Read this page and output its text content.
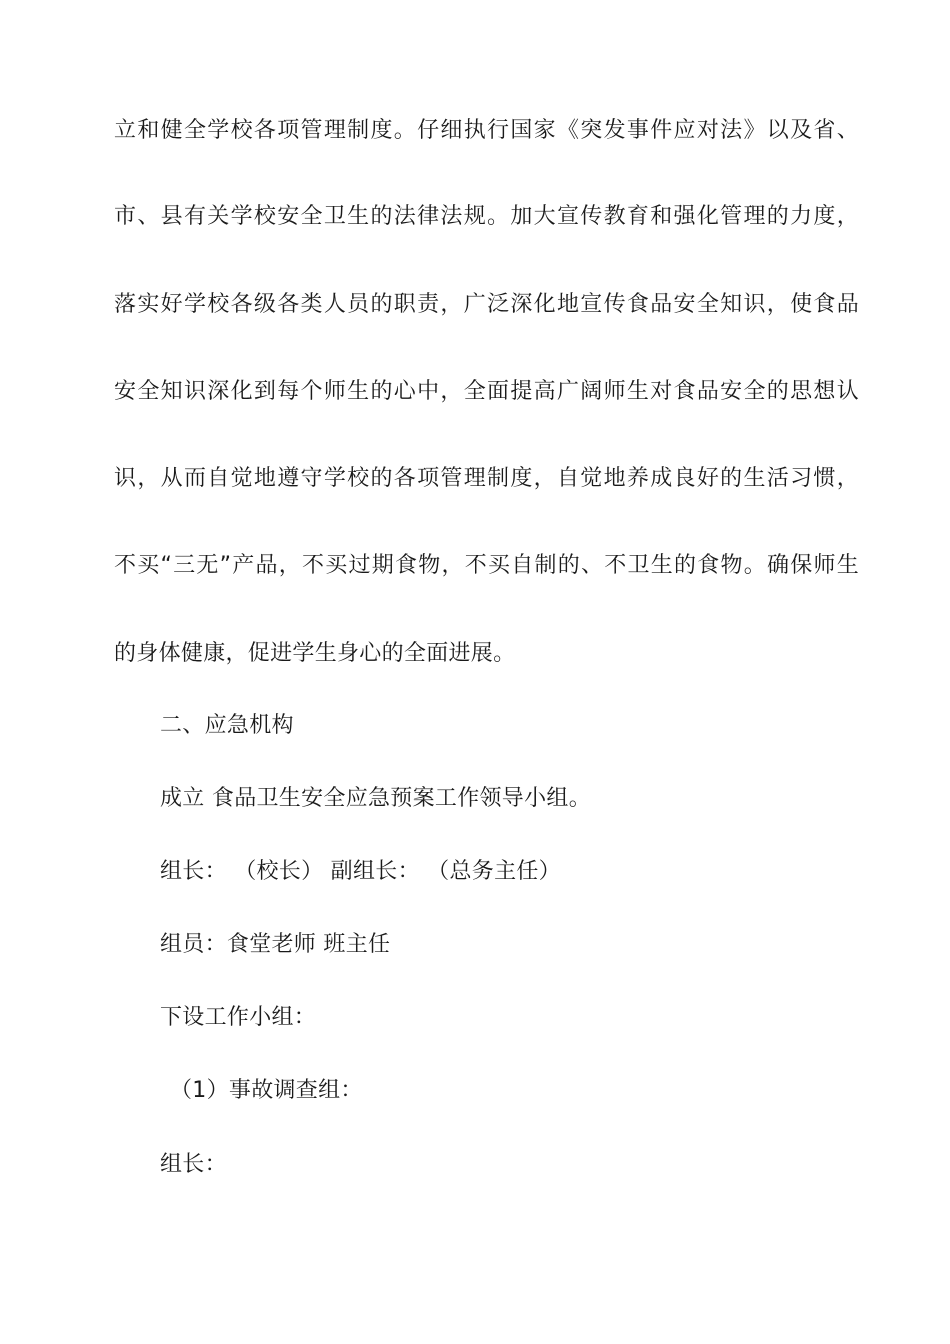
立和健全学校各项管理制度。仔细执行国家《突发事件应对法》以及省、
市、县有关学校安全卫生的法律法规。加大宣传教育和强化管理的力度，
落实好学校各级各类人员的职责，广泛深化地宣传食品安全知识，使食品
安全知识深化到每个师生的心中，全面提高广阔师生对食品安全的思想认
识，从而自觉地遵守学校的各项管理制度，自觉地养成良好的生活习惯，
不买“三无”产品，不买过期食物，不买自制的、不卫生的食物。确保师生
的身体健康，促进学生身心的全面进展。
二、应急机构
成立 食品卫生安全应急预案工作领导小组。
组长： （校长） 副组长： （总务主任）
组员：食堂老师 班主任
下设工作小组：
（1）事故调查组：
组长：
